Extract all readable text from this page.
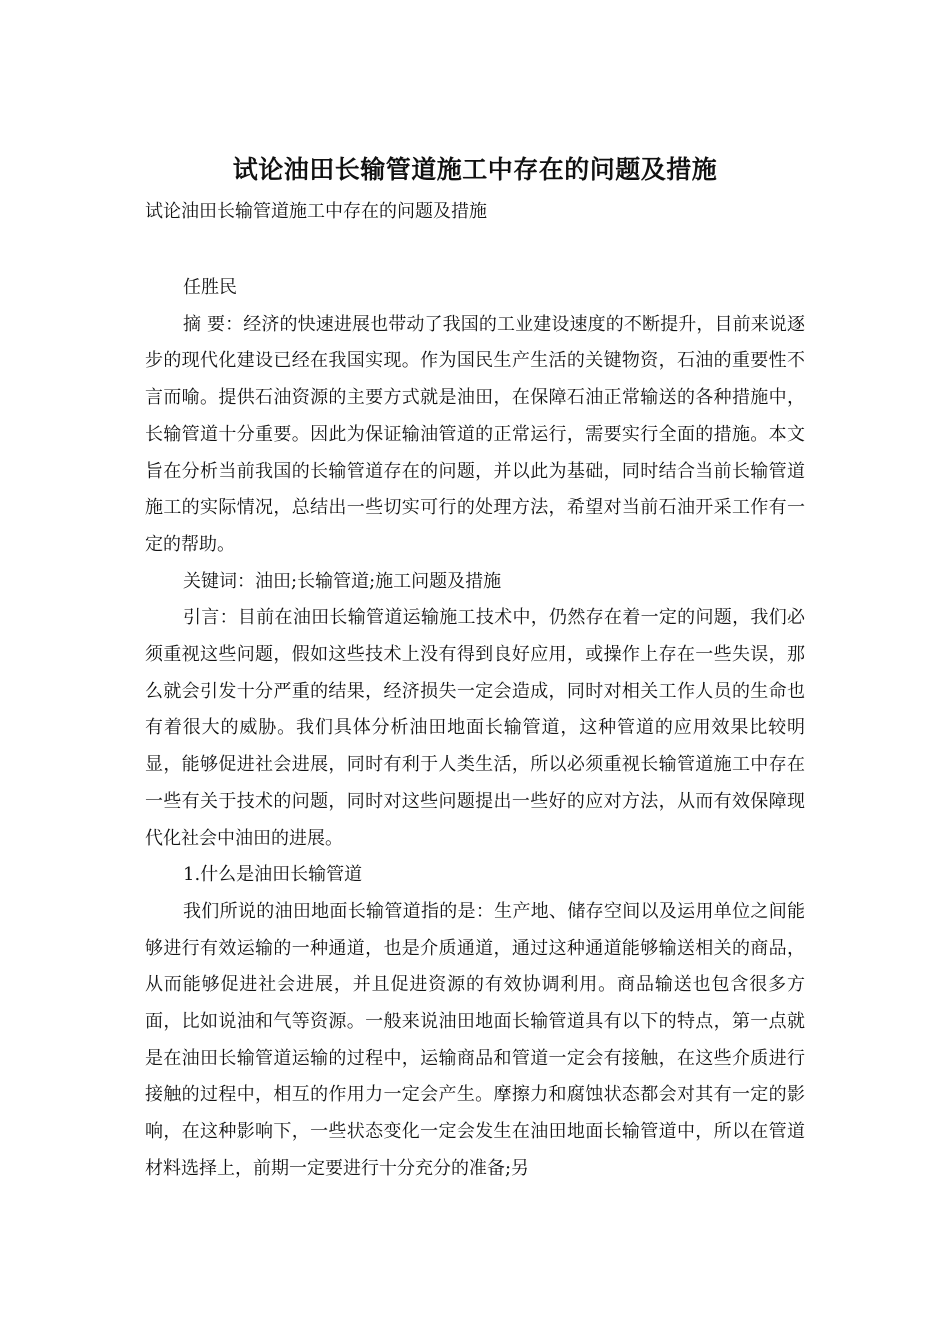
试论油田长输管道施工中存在的问题及措施

试论油田长输管道施工中存在的问题及措施

任胜民

摘 要：经济的快速进展也带动了我国的工业建设速度的不断提升，目前来说逐步的现代化建设已经在我国实现。作为国民生产生活的关键物资，石油的重要性不言而喻。提供石油资源的主要方式就是油田，在保障石油正常输送的各种措施中，长输管道十分重要。因此为保证输油管道的正常运行，需要实行全面的措施。本文旨在分析当前我国的长输管道存在的问题，并以此为基础，同时结合当前长输管道施工的实际情况，总结出一些切实可行的处理方法，希望对当前石油开采工作有一定的帮助。

关键词：油田;长输管道;施工问题及措施

引言：目前在油田长输管道运输施工技术中，仍然存在着一定的问题，我们必须重视这些问题，假如这些技术上没有得到良好应用，或操作上存在一些失误，那么就会引发十分严重的结果，经济损失一定会造成，同时对相关工作人员的生命也有着很大的威胁。我们具体分析油田地面长输管道，这种管道的应用效果比较明显，能够促进社会进展，同时有利于人类生活，所以必须重视长输管道施工中存在一些有关于技术的问题，同时对这些问题提出一些好的应对方法，从而有效保障现代化社会中油田的进展。

1.什么是油田长输管道

我们所说的油田地面长输管道指的是：生产地、储存空间以及运用单位之间能够进行有效运输的一种通道，也是介质通道，通过这种通道能够输送相关的商品，从而能够促进社会进展，并且促进资源的有效协调利用。商品输送也包含很多方面，比如说油和气等资源。一般来说油田地面长输管道具有以下的特点，第一点就是在油田长输管道运输的过程中，运输商品和管道一定会有接触，在这些介质进行接触的过程中，相互的作用力一定会产生。摩擦力和腐蚀状态都会对其有一定的影响，在这种影响下，一些状态变化一定会发生在油田地面长输管道中，所以在管道材料选择上，前期一定要进行十分充分的准备;另
